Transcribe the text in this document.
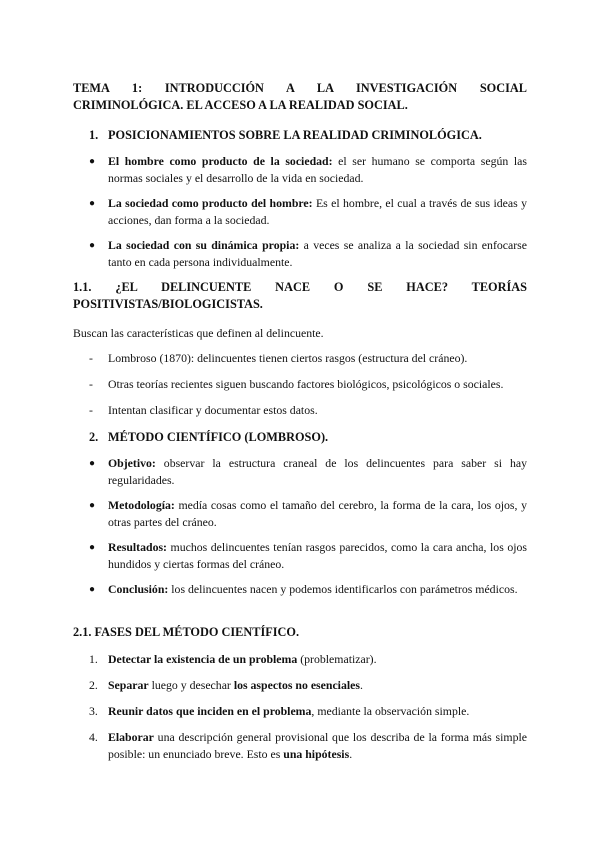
TEMA 1: INTRODUCCIÓN A LA INVESTIGACIÓN SOCIAL
CRIMINOLÓGICA. EL ACCESO A LA REALIDAD SOCIAL.
1. POSICIONAMIENTOS SOBRE LA REALIDAD CRIMINOLÓGICA.
●	El hombre como producto de la sociedad: el ser humano se comporta según las normas sociales y el desarrollo de la vida en sociedad.
●	La sociedad como producto del hombre: Es el hombre, el cual a través de sus ideas y acciones, dan forma a la sociedad.
●	La sociedad con su dinámica propia: a veces se analiza a la sociedad sin enfocarse tanto en cada persona individualmente.
1.1. ¿EL DELINCUENTE NACE O SE HACE? TEORÍAS
POSITIVISTAS/BIOLOGICISTAS.
Buscan las características que definen al delincuente.
-	Lombroso (1870): delincuentes tienen ciertos rasgos (estructura del cráneo).
-	Otras teorías recientes siguen buscando factores biológicos, psicológicos o sociales.
-	Intentan clasificar y documentar estos datos.
2. MÉTODO CIENTÍFICO (LOMBROSO).
●	Objetivo: observar la estructura craneal de los delincuentes para saber si hay regularidades.
●	Metodología: medía cosas como el tamaño del cerebro, la forma de la cara, los ojos, y otras partes del cráneo.
●	Resultados: muchos delincuentes tenían rasgos parecidos, como la cara ancha, los ojos hundidos y ciertas formas del cráneo.
●	Conclusión: los delincuentes nacen y podemos identificarlos con parámetros médicos.
2.1. FASES DEL MÉTODO CIENTÍFICO.
1. Detectar la existencia de un problema (problematizar).
2. Separar luego y desechar los aspectos no esenciales.
3. Reunir datos que inciden en el problema, mediante la observación simple.
4. Elaborar una descripción general provisional que los describa de la forma más simple posible: un enunciado breve. Esto es una hipótesis.
